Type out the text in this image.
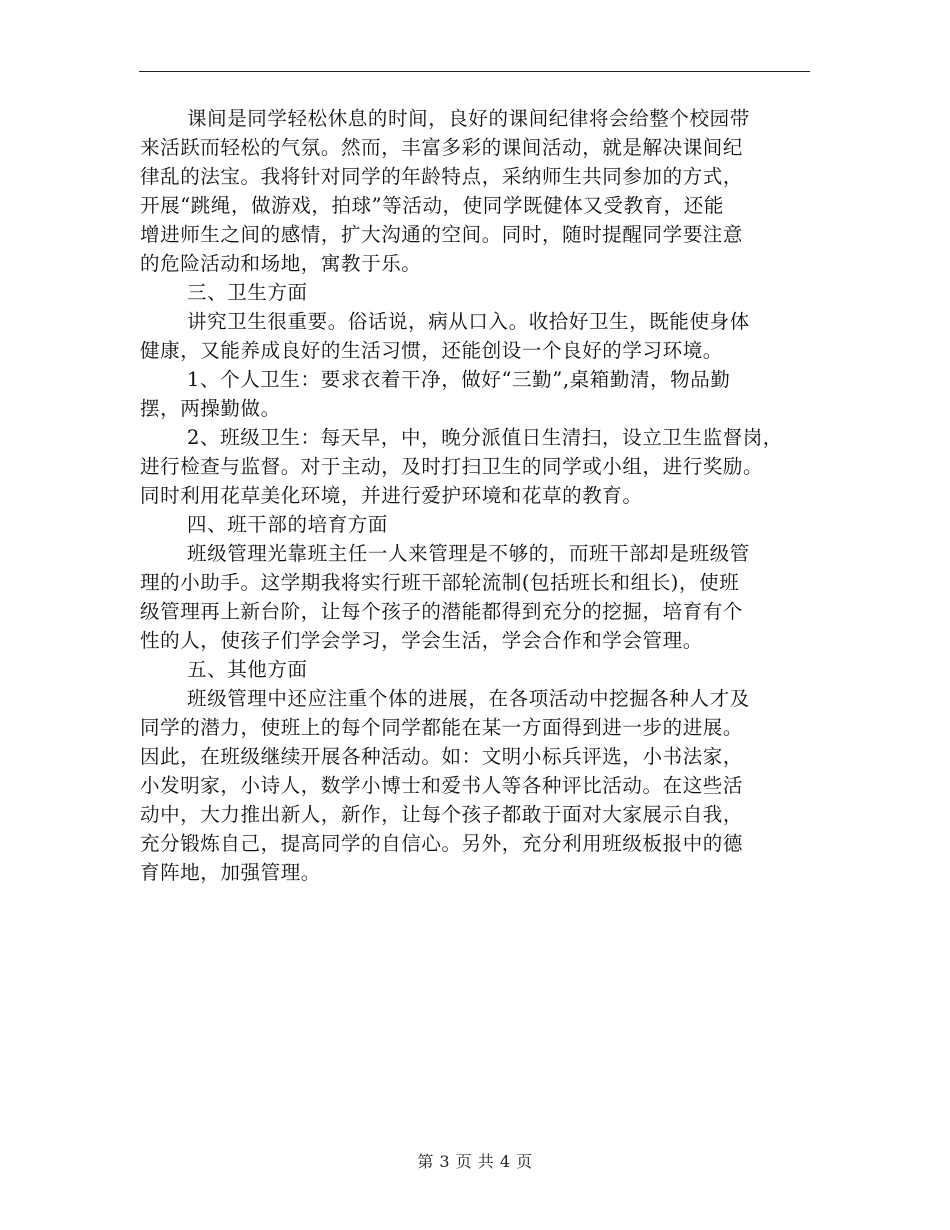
课间是同学轻松休息的时间，良好的课间纪律将会给整个校园带
来活跃而轻松的气氛。然而，丰富多彩的课间活动，就是解决课间纪
律乱的法宝。我将针对同学的年龄特点，采纳师生共同参加的方式，
开展“跳绳，做游戏，拍球”等活动，使同学既健体又受教育，还能
增进师生之间的感情，扩大沟通的空间。同时，随时提醒同学要注意
的危险活动和场地，寓教于乐。
三、卫生方面
讲究卫生很重要。俗话说，病从口入。收拾好卫生，既能使身体
健康，又能养成良好的生活习惯，还能创设一个良好的学习环境。
1、个人卫生：要求衣着干净，做好“三勤”,桌箱勤清，物品勤
摆，两操勤做。
2、班级卫生：每天早，中，晚分派值日生清扫，设立卫生监督岗，
进行检查与监督。对于主动，及时打扫卫生的同学或小组，进行奖励。
同时利用花草美化环境，并进行爱护环境和花草的教育。
四、班干部的培育方面
班级管理光靠班主任一人来管理是不够的，而班干部却是班级管
理的小助手。这学期我将实行班干部轮流制(包括班长和组长)，使班
级管理再上新台阶，让每个孩子的潜能都得到充分的挖掘，培育有个
性的人，使孩子们学会学习，学会生活，学会合作和学会管理。
五、其他方面
班级管理中还应注重个体的进展，在各项活动中挖掘各种人才及
同学的潜力，使班上的每个同学都能在某一方面得到进一步的进展。
因此，在班级继续开展各种活动。如：文明小标兵评选，小书法家，
小发明家，小诗人，数学小博士和爱书人等各种评比活动。在这些活
动中，大力推出新人，新作，让每个孩子都敢于面对大家展示自我，
充分锻炼自己，提高同学的自信心。另外，充分利用班级板报中的德
育阵地，加强管理。
第 3 页 共 4 页
